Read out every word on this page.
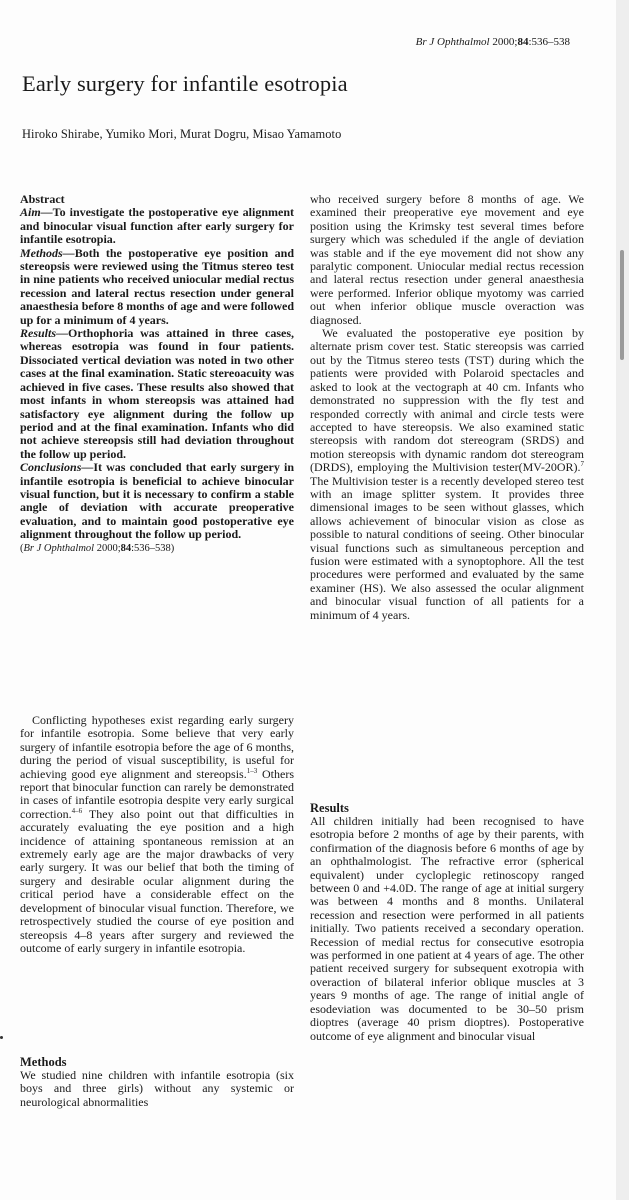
Br J Ophthalmol 2000;84:536–538
Early surgery for infantile esotropia
Hiroko Shirabe, Yumiko Mori, Murat Dogru, Misao Yamamoto

Abstract

Aim—To investigate the postoperative eye alignment and binocular visual function after early surgery for infantile esotropia.

Methods—Both the postoperative eye position and stereopsis were reviewed using the Titmus stereo test in nine patients who received uniocular medial rectus recession and lateral rectus resection under general anaesthesia before 8 months of age and were followed up for a minimum of 4 years.

Results—Orthophoria was attained in three cases, whereas esotropia was found in four patients. Dissociated vertical deviation was noted in two other cases at the final examination. Static stereoacuity was achieved in five cases. These results also showed that most infants in whom stereopsis was attained had satisfactory eye alignment during the follow up period and at the final examination. Infants who did not achieve stereopsis still had deviation throughout the follow up period.

Conclusions—It was concluded that early surgery in infantile esotropia is beneficial to achieve binocular visual function, but it is necessary to confirm a stable angle of deviation with accurate preoperative evaluation, and to maintain good postoperative eye alignment throughout the follow up period.

(Br J Ophthalmol 2000;84:536–538)

Conflicting hypotheses exist regarding early surgery for infantile esotropia. Some believe that very early surgery of infantile esotropia before the age of 6 months, during the period of visual susceptibility, is useful for achieving good eye alignment and stereopsis.$^{1-3}$ Others report that binocular function can rarely be demonstrated in cases of infantile esotropia despite very early surgical correction.$^{4-6}$ They also point out that difficulties in accurately evaluating the eye position and a high incidence of attaining spontaneous remission at an extremely early age are the major drawbacks of very early surgery. It was our belief that both the timing of surgery and desirable ocular alignment during the critical period have a considerable effect on the development of binocular visual function. Therefore, we retrospectively studied the course of eye position and stereopsis 4–8 years after surgery and reviewed the outcome of early surgery in infantile esotropia.

Methods

We studied nine children with infantile esotropia (six boys and three girls) without any systemic or neurological abnormalities

who received surgery before 8 months of age. We examined their preoperative eye movement and eye position using the Krimsky test several times before surgery which was scheduled if the angle of deviation was stable and if the eye movement did not show any paralytic component. Uniocular medial rectus recession and lateral rectus resection under general anaesthesia were performed. Inferior oblique myotomy was carried out when inferior oblique muscle overaction was diagnosed.

We evaluated the postoperative eye position by alternate prism cover test. Static stereopsis was carried out by the Titmus stereo tests (TST) during which the patients were provided with Polaroid spectacles and asked to look at the vectograph at 40 cm. Infants who demonstrated no suppression with the fly test and responded correctly with animal and circle tests were accepted to have stereopsis. We also examined static stereopsis with random dot stereogram (SRDS) and motion stereopsis with dynamic random dot stereogram (DRDS), employing the Multivision tester(MV-20OR).$^7$ The Multivision tester is a recently developed stereo test with an image splitter system. It provides three dimensional images to be seen without glasses, which allows achievement of binocular vision as close as possible to natural conditions of seeing. Other binocular visual functions such as simultaneous perception and fusion were estimated with a synoptophore. All the test procedures were performed and evaluated by the same examiner (HS). We also assessed the ocular alignment and binocular visual function of all patients for a minimum of 4 years.

Results

All children initially had been recognised to have esotropia before 2 months of age by their parents, with confirmation of the diagnosis before 6 months of age by an ophthalmologist. The refractive error (spherical equivalent) under cycloplegic retinoscopy ranged between 0 and +4.0D. The range of age at initial surgery was between 4 months and 8 months. Unilateral recession and resection were performed in all patients initially. Two patients received a secondary operation. Recession of medial rectus for consecutive esotropia was performed in one patient at 4 years of age. The other patient received surgery for subsequent exotropia with overaction of bilateral inferior oblique muscles at 3 years 9 months of age. The range of initial angle of esodeviation was documented to be 30–50 prism dioptres (average 40 prism dioptres). Postoperative outcome of eye alignment and binocular visual
